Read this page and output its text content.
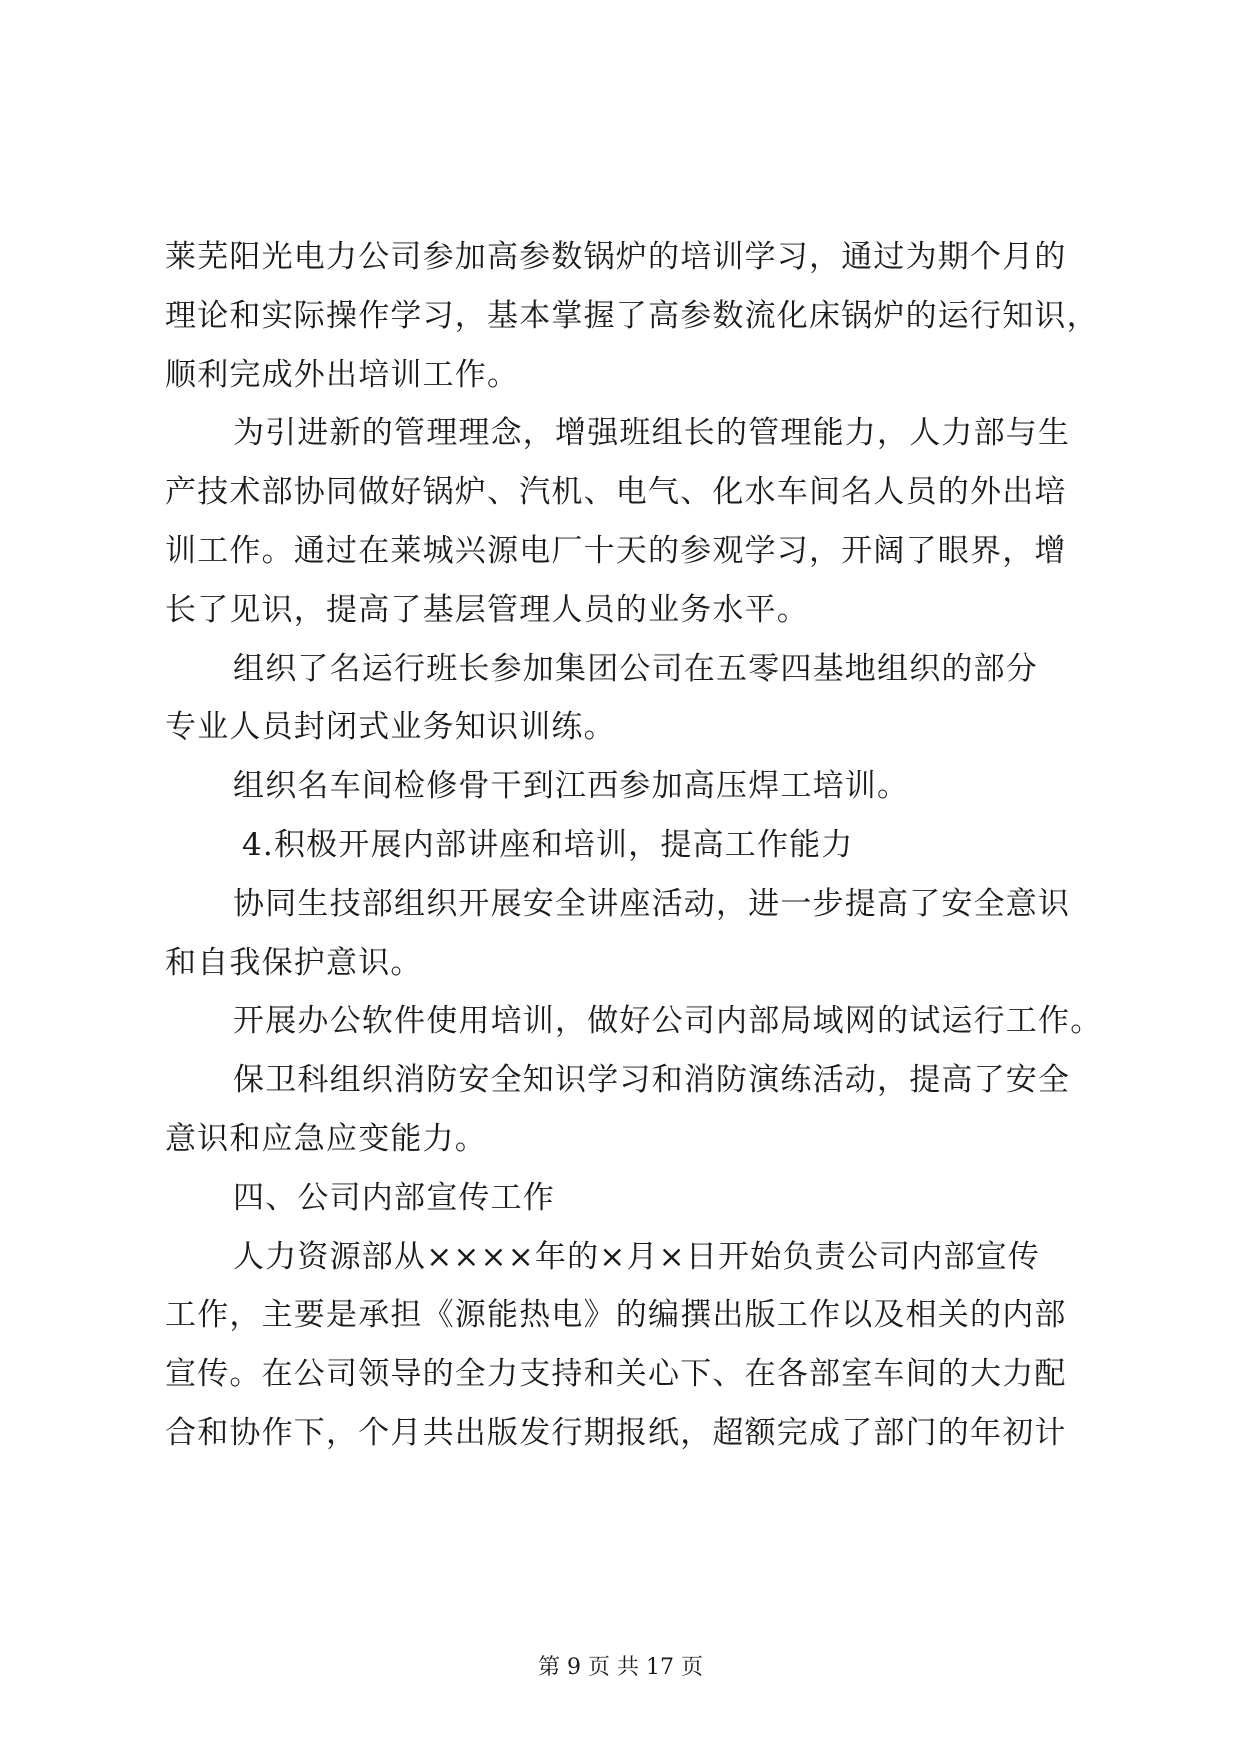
莱芜阳光电力公司参加高参数锅炉的培训学习，通过为期个月的
理论和实际操作学习，基本掌握了高参数流化床锅炉的运行知识，
顺利完成外出培训工作。
为引进新的管理理念，增强班组长的管理能力，人力部与生
产技术部协同做好锅炉、汽机、电气、化水车间名人员的外出培
训工作。通过在莱城兴源电厂十天的参观学习，开阔了眼界，增
长了见识，提高了基层管理人员的业务水平。
组织了名运行班长参加集团公司在五零四基地组织的部分
专业人员封闭式业务知识训练。
组织名车间检修骨干到江西参加高压焊工培训。
4.积极开展内部讲座和培训，提高工作能力
协同生技部组织开展安全讲座活动，进一步提高了安全意识
和自我保护意识。
开展办公软件使用培训，做好公司内部局域网的试运行工作。
保卫科组织消防安全知识学习和消防演练活动，提高了安全
意识和应急应变能力。
四、公司内部宣传工作
人力资源部从××××年的×月×日开始负责公司内部宣传
工作，主要是承担《源能热电》的编撰出版工作以及相关的内部
宣传。在公司领导的全力支持和关心下、在各部室车间的大力配
合和协作下，个月共出版发行期报纸，超额完成了部门的年初计
第 9 页 共 17 页
